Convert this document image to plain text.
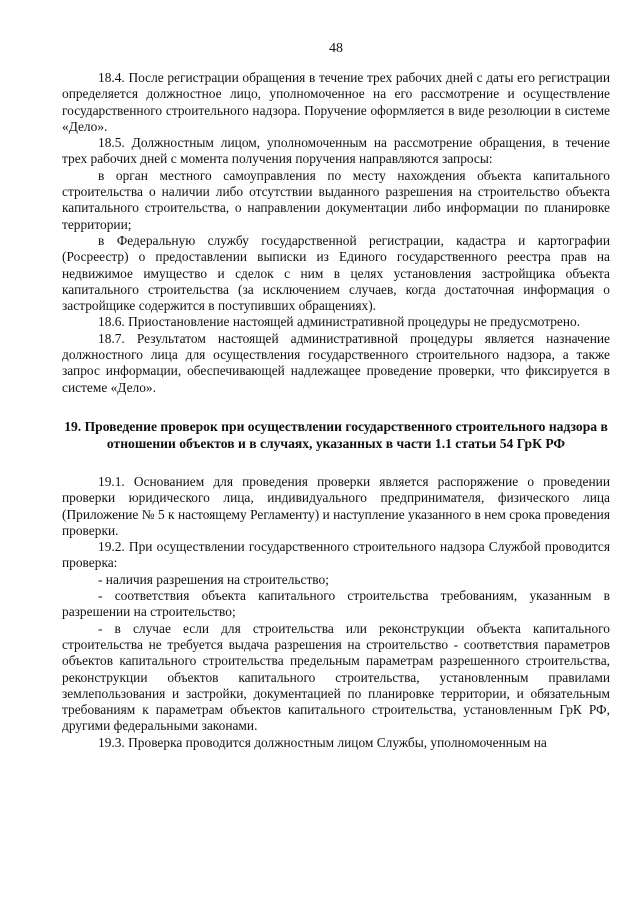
48

18.4. После регистрации обращения в течение трех рабочих дней с даты его регистрации определяется должностное лицо, уполномоченное на его рассмотрение и осуществление государственного строительного надзора. Поручение оформляется в виде резолюции в системе «Дело».

18.5. Должностным лицом, уполномоченным на рассмотрение обращения, в течение трех рабочих дней с момента получения поручения направляются запросы:

в орган местного самоуправления по месту нахождения объекта капитального строительства о наличии либо отсутствии выданного разрешения на строительство объекта капитального строительства, о направлении документации либо информации по планировке территории;

в Федеральную службу государственной регистрации, кадастра и картографии (Росреестр) о предоставлении выписки из Единого государственного реестра прав на недвижимое имущество и сделок с ним в целях установления застройщика объекта капитального строительства (за исключением случаев, когда достаточная информация о застройщике содержится в поступивших обращениях).

18.6. Приостановление настоящей административной процедуры не предусмотрено.

18.7. Результатом настоящей административной процедуры является назначение должностного лица для осуществления государственного строительного надзора, а также запрос информации, обеспечивающей надлежащее проведение проверки, что фиксируется в системе «Дело».

19. Проведение проверок при осуществлении государственного строительного надзора в отношении объектов и в случаях, указанных в части 1.1 статьи 54 ГрК РФ

19.1. Основанием для проведения проверки является распоряжение о проведении проверки юридического лица, индивидуального предпринимателя, физического лица (Приложение № 5 к настоящему Регламенту) и наступление указанного в нем срока проведения проверки.

19.2. При осуществлении государственного строительного надзора Службой проводится проверка:

- наличия разрешения на строительство;

- соответствия объекта капитального строительства требованиям, указанным в разрешении на строительство;

- в случае если для строительства или реконструкции объекта капитального строительства не требуется выдача разрешения на строительство - соответствия параметров объектов капитального строительства предельным параметрам разрешенного строительства, реконструкции объектов капитального строительства, установленным правилами землепользования и застройки, документацией по планировке территории, и обязательным требованиям к параметрам объектов капитального строительства, установленным ГрК РФ, другими федеральными законами.

19.3. Проверка проводится должностным лицом Службы, уполномоченным на
